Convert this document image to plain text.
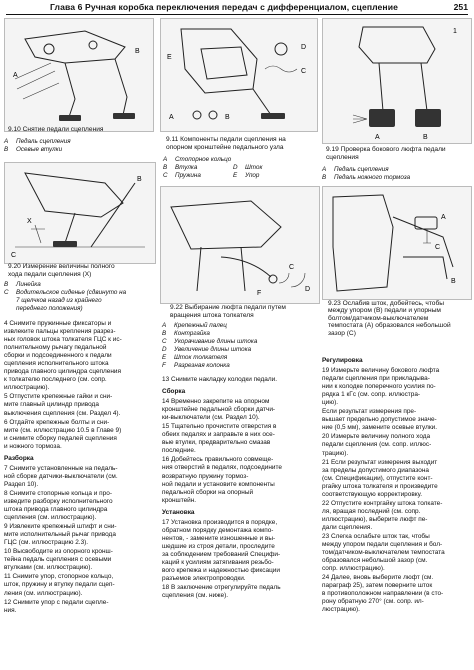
Глава 6 Ручная коробка переключения передач с дифференциалом, сцепление	251
A
B
9.10 Снятие педали сцепления
A Педаль сцепления
B Осевые втулки
E
D
C
A	B
9.11 Компоненты педали сцепления на
опорном кронштейне педального узла
A Стопорное кольцо
B Втулка	D Шток
C Пружина	E Упор
1
A	B
9.19 Проверка бокового люфта педали
сцепления
A Педаль сцепления
B Педаль ножного тормоза
B
X
C
9.20 Измерение величины полного
хода педали сцепления (X)
B Линейка
C Водительское сиденье (сдвинуто на
7 щелчков назад из крайнего
переднего положения)
C
D
F
9.22 Выбирание люфта педали путем
вращения штока толкателя
A Крепежный палец
B Контргайка
C Укорачивание длины штока
D Увеличение длины штока
E Шток толкателя
F Разрезная колонка
A
C
B
9.23 Ослабив шток, добейтесь, чтобы
между упором (В) педали и упорным
болтом/датчиком-выключателем
темпостата (А) образовался небольшой
зазор (С)
4 Снимите пружинные фиксаторы и
извлеките пальцы крепления разрез-
ных головок штока толкателя ГЦС к ис-
полнительному рычагу педальной
сборки и подсоединенного к педали
сцепления исполнительного штока
привода главного цилиндра сцепления
к толкателю последнего (см. сопр.
иллюстрацию).
5 Отпустите крепежные гайки и сни-
мите главный цилиндр привода
выключения сцепления (см. Раздел 4).
6 Отдайте крепежные болты и сни-
мите (см. иллюстрацию 10.5 в Главе 9)
и снимите сборку педалей сцепления
и ножного тормоза.
Разборка
7 Снимите установленные на педаль-
ной сборке датчики-выключатели (см.
Раздел 10).
8 Снимите стопорные кольца и про-
изведите разборку исполнительного
штока привода главного цилиндра
сцепления (см. иллюстрацию).
9 Извлеките крепежный штифт и сни-
мите исполнительный рычаг привода
ГЦС (см. иллюстрацию 2.3).
10 Высвободите из опорного кронш-
тейна педаль сцепления с осевыми
втулками (см. иллюстрацию).
11 Снимите упор, стопорное кольцо,
шток, пружину и втулку педали сцеп-
ления (см. иллюстрацию).
12 Снимите упор с педали сцепле-
ния.
13 Снимите накладку колодки педали.
Сборка
14 Временно закрепите на опорном
кронштейне педальной сборки датчи-
ки-выключатели (см. Раздел 10).
15 Тщательно прочистите отверстия в
обеих педалях и заправьте в них осе-
вые втулки, предварительно смазав
последние.
16 Добейтесь правильного совмеще-
ния отверстий в педалях, подсоедините
возвратную пружину тормоз-
ной педали и установите компоненты
педальной сборки на опорный
кронштейн.
Установка
17 Установка производится в порядке,
обратном порядку демонтажа компо-
нентов, - замените изношенные и вы-
шедшие из строя детали, проследите
за соблюдением требований Специфи-
каций к усилиям затягивания резьбо-
вого крепежа и надежностью фиксации
разъемов электропроводки.
18 В заключение отрегулируйте педаль
сцепления (см. ниже).
Регулировка
19 Измерьте величину бокового люфта
педали сцепления при прикладыва-
нии к колодке поперечного усилия по-
рядка 1 кГс (см. сопр. иллюстра-
цию).
Если результат измерения пре-
вышает предельно допустимое значе-
ние (0,5 мм), замените осевые втулки.
20 Измерьте величину полного хода
педали сцепления (см. сопр. иллюс-
трацию).
21 Если результат измерения выходит
за пределы допустимого диапазона
(см. Спецификации), отпустите конт-
ргайку штока толкателя и произведите
соответствующую корректировку.
22 Отпустите контргайку штока толкате-
ля, вращая последний (см. сопр.
иллюстрацию), выберите люфт пе-
дали сцепления.
23 Слегка ослабьте шток так, чтобы
между упором педали сцепления и бол-
том/датчиком-выключателем темпостата
образовался небольшой зазор (см.
сопр. иллюстрацию).
24 Далее, вновь выберите люфт (см.
параграф 25), затем поверните шток
в противоположном направлении (в сто-
рону обратную 270° (см. сопр. ил-
люстрацию).
